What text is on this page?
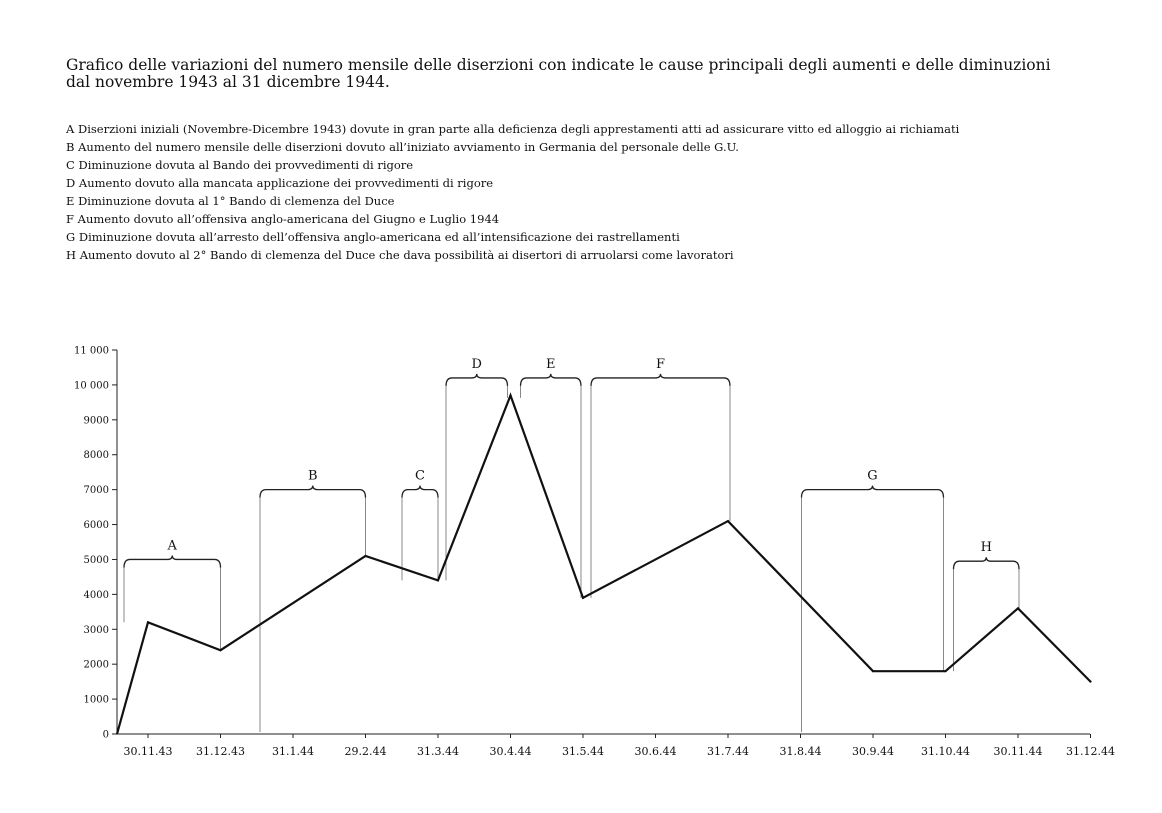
Grafico delle variazioni del numero mensile delle diserzioni con indicate le cause principali degli aumenti e delle diminuzioni
dal novembre 1943 al 31 dicembre 1944.
A Diserzioni iniziali (Novembre-Dicembre 1943) dovute in gran parte alla deficienza degli apprestamenti atti ad assicurare vitto ed alloggio ai richiamati
B Aumento del numero mensile delle diserzioni dovuto all’iniziato avviamento in Germania del personale delle G.U.
C Diminuzione dovuta al Bando dei provvedimenti di rigore
D Aumento dovuto alla mancata applicazione dei provvedimenti di rigore
E Diminuzione dovuta al 1° Bando di clemenza del Duce
F Aumento dovuto all’offensiva anglo-americana del Giugno e Luglio 1944
G Diminuzione dovuta all’arresto dell’offensiva anglo-americana ed all’intensificazione dei rastrellamenti
H Aumento dovuto al 2° Bando di clemenza del Duce che dava possibilità ai disertori di arruolarsi come lavoratori
0
1000
2000
3000
4000
5000
6000
7000
8000
9000
10 000
11 000
30.11.43 31.12.43 31.1.44	29.2.44	31.3.44	30.4.44	31.5.44	30.6.44	31.7.44	31.8.44	30.9.44 31.10.44 30.11.44 31.12.44
A
B	C
D	E	F
G
H
